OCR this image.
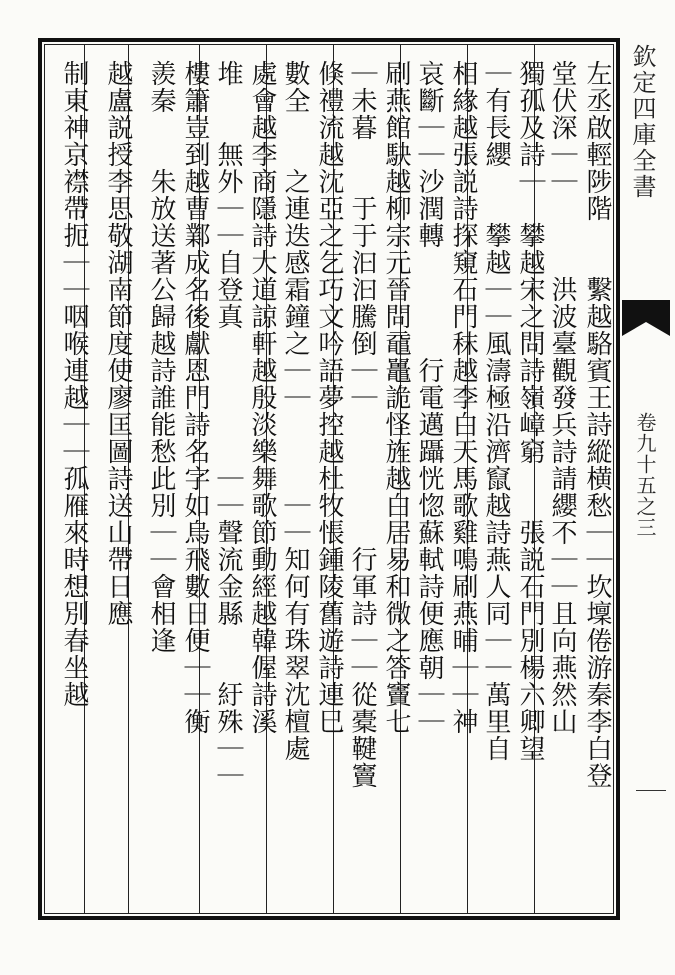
左丞啟輕陟階　　繫越駱賓王詩縱横愁｜｜坎壈倦游秦李白登
堂伏深｜｜　　　洪波臺觀發兵詩請纓不｜｜且向燕然山
獨孤及詩｜　攀越宋之問詩嶺嶂窮　　張説石門別楊六卿望
｜有長纓　　攀越｜｜風濤極沿濟竄越詩燕人同｜｜萬里自
相緣越張説詩探窺石門秣越李白天馬歌雞鳴刷燕晡｜｜神
哀斷｜｜沙潤轉　　　　行電邁躡恍惚蘇軾詩便應朝｜｜
刷燕館駃越柳宗元晉問黿鼉詭怪旌越白居易和微之答竇七
｜未暮　　于于汩汩騰倒｜｜　　　　　行軍詩｜｜從橐鞬竇
倏禮流越沈亞之乞巧文吟語夢控越杜牧悵鍾陵舊遊詩連巳
數全　　之連迭感霜鐘之｜｜　　　｜｜知何有珠翠沈檀處
處會越李商隱詩大道諒軒越殷淡樂舞歌節動經越韓偓詩溪
堆　　無外｜｜自登真　　　　　｜｜聲流金縣　　紆殊｜｜
樓簫豈到越曹鄴成名後獻恩門詩名字如烏飛數日便｜｜衡
羨秦　　朱放送著公歸越詩誰能愁此別｜｜會相逢
越盧説授李思敬湖南節度使廖匡圖詩送山帶日應
制東神京襟帶扼｜｜咽喉連越｜｜孤雁來時想別春坐越	欽定四庫全書
卷九十五之三
